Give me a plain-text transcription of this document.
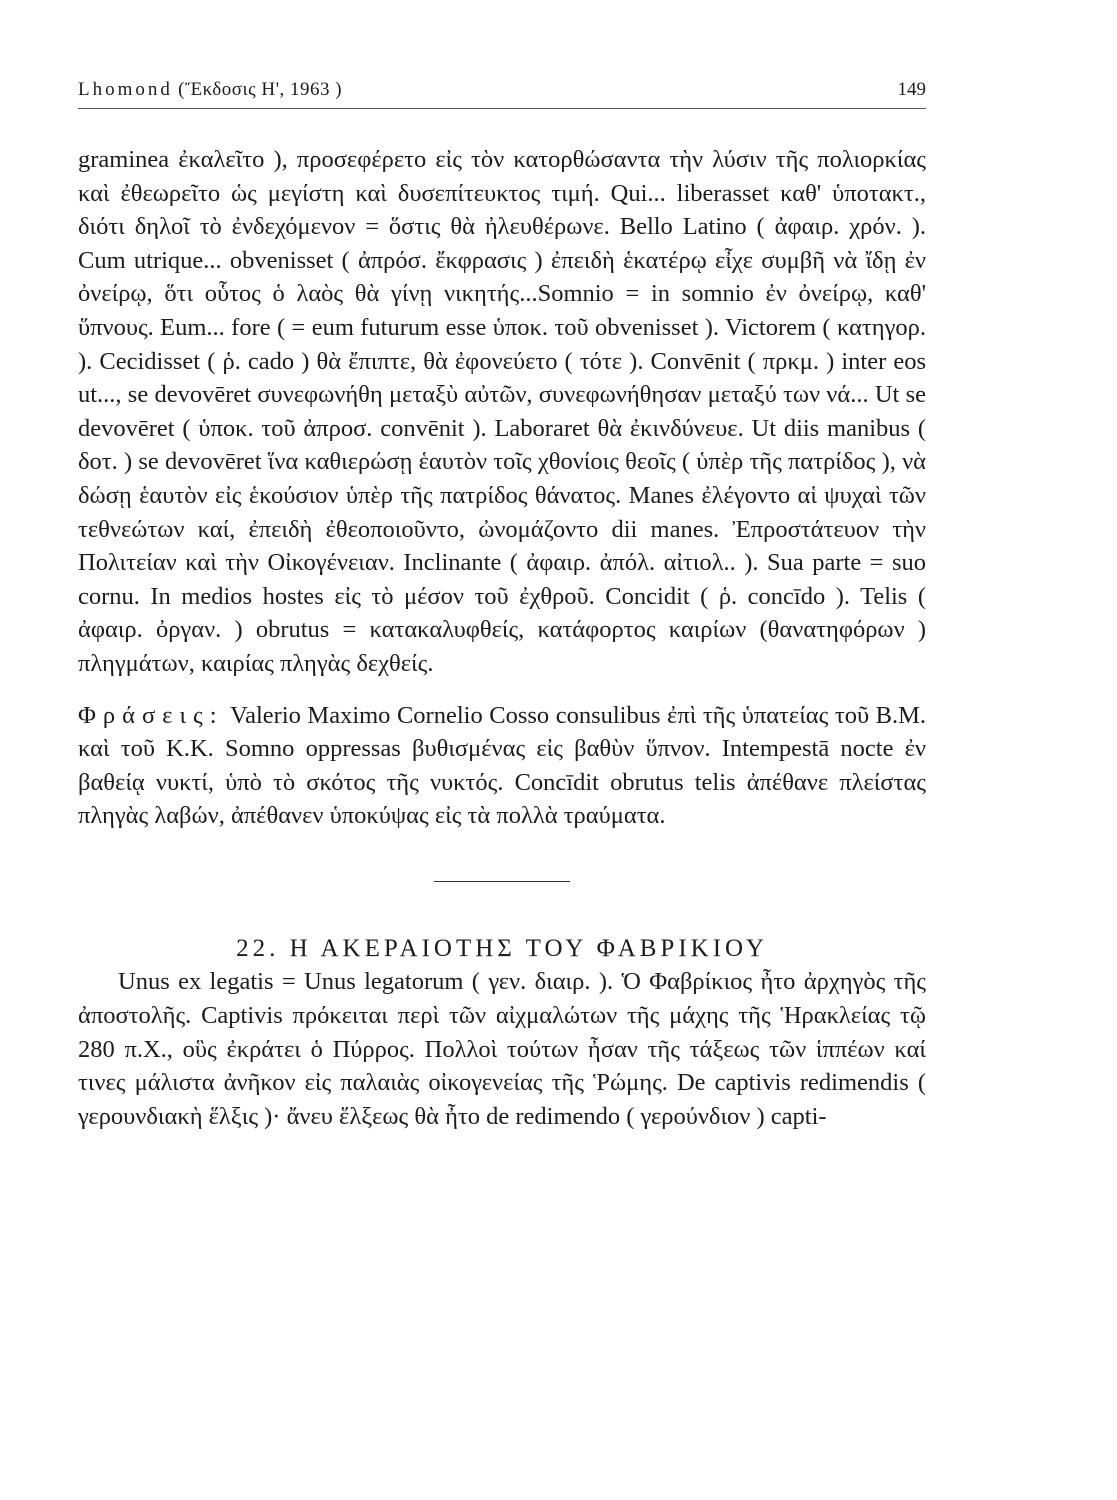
Lhomond (Ἔκδοσις Η', 1963 )	149

graminea ἐκαλεῖτο ), προσεφέρετο εἰς τὸν κατορθώσαντα τὴν λύσιν τῆς πολιορκίας καὶ ἐθεωρεῖτο ὡς μεγίστη καὶ δυσεπίτευκτος τιμή. Qui... liberasset καθ' ὑποτακτ., διότι δηλοῖ τὸ ἐνδεχόμενον = ὅστις θὰ ἠλευθέρωνε. Bello Latino ( ἀφαιρ. χρόν. ). Cum utrique... obvenisset ( ἀπρόσ. ἔκφρασις ) ἐπειδὴ ἑκατέρῳ εἶχε συμβῆ νὰ ἴδῃ ἐν ὀνείρῳ, ὅτι οὗτος ὁ λαὸς θὰ γίνῃ νικητής...Somnio = in somnio ἐν ὀνείρῳ, καθ' ὕπνους. Eum... fore ( = eum futurum esse ὑποκ. τοῦ obvenisset ). Victorem ( κατηγορ. ). Cecidisset ( ῥ. cado ) θὰ ἔπιπτε, θὰ ἐφονεύετο ( τότε ). Convēnit ( πρκμ. ) inter eos ut..., se devovēret συνεφωνήθη μεταξὺ αὐτῶν, συνεφωνήθησαν μεταξύ των νά... Ut se devovēret ( ὑποκ. τοῦ ἀπροσ. convēnit ). Laboraret θὰ ἐκινδύνευε. Ut diis manibus ( δοτ. ) se devovēret ἵνα καθιερώσῃ ἑαυτὸν τοῖς χθονίοις θεοῖς ( ὑπὲρ τῆς πατρίδος ), νὰ δώσῃ ἑαυτὸν εἰς ἑκούσιον ὑπὲρ τῆς πατρίδος θάνατος. Manes ἐλέγοντο αἱ ψυχαὶ τῶν τεθνεώτων καί, ἐπειδὴ ἐθεοποιοῦντο, ὠνομάζοντο dii manes. Ἐπροστάτευον τὴν Πολιτείαν καὶ τὴν Οἰκογένειαν. Inclinante ( ἀφαιρ. ἀπόλ. αἰτιολ.. ). Sua parte = suo cornu. In medios hostes εἰς τὸ μέσον τοῦ ἐχθροῦ. Concidit ( ῥ. concīdo ). Telis ( ἀφαιρ. ὀργαν. ) obrutus = κατακαλυφθείς, κατάφορτος καιρίων (θανατηφόρων ) πληγμάτων, καιρίας πληγὰς δεχθείς.

Φράσεις: Valerio Maximo Cornelio Cosso consulibus ἐπὶ τῆς ὑπατείας τοῦ B.M. καὶ τοῦ K.K. Somno oppressas βυθισμένας εἰς βαθὺν ὕπνον. Intempestā nocte ἐν βαθείᾳ νυκτί, ὑπὸ τὸ σκότος τῆς νυκτός. Concīdit obrutus telis ἀπέθανε πλείστας πληγὰς λαβών, ἀπέθανεν ὑποκύψας εἰς τὰ πολλὰ τραύματα.

22. Η ΑΚΕΡΑΙΟΤΗΣ ΤΟΥ ΦΑΒΡΙΚΙΟΥ

Unus ex legatis = Unus legatorum ( γεν. διαιρ. ). Ὁ Φαβρίκιος ἦτο ἀρχηγὸς τῆς ἀποστολῆς. Captivis πρόκειται περὶ τῶν αἰχμαλώτων τῆς μάχης τῆς Ἡρακλείας τῷ 280 π.Χ., οὓς ἐκράτει ὁ Πύρρος. Πολλοὶ τούτων ἦσαν τῆς τάξεως τῶν ἱππέων καί τινες μάλιστα ἀνῆκον εἰς παλαιὰς οἰκογενείας τῆς Ῥώμης. De captivis redimendis ( γερουνδιακὴ ἕλξις )· ἄνευ ἕλξεως θὰ ἦτο de redimendo ( γερούνδιον ) capti-
